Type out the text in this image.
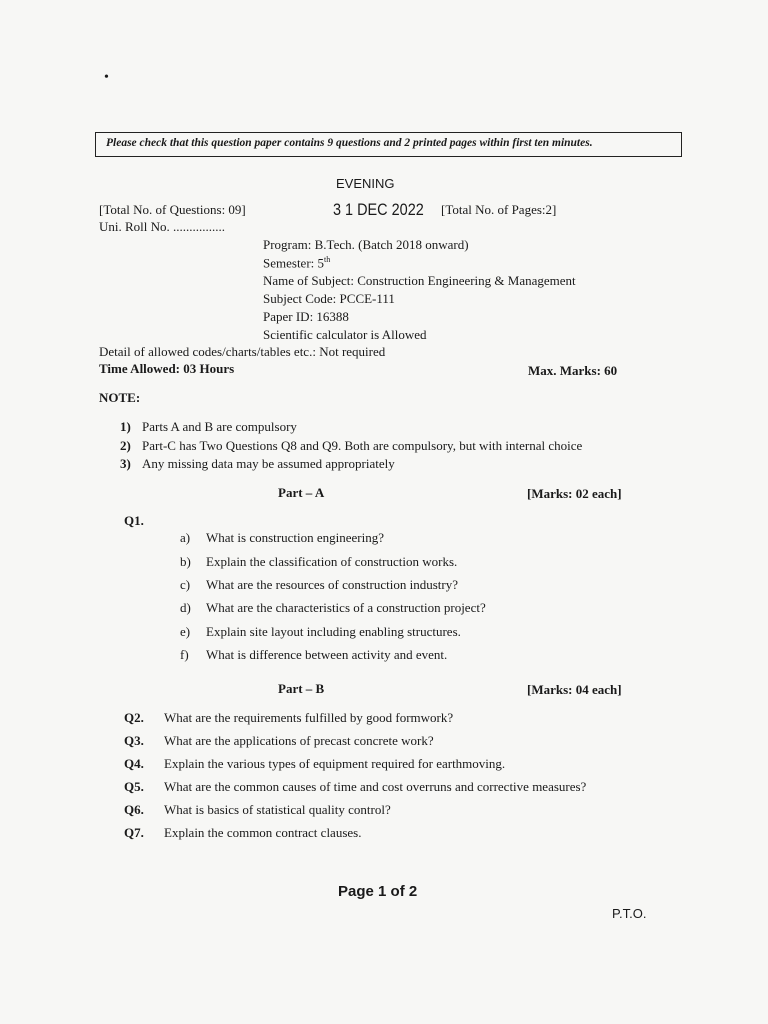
•
Please check that this question paper contains 9 questions and 2 printed pages within first ten minutes.
EVENING
[Total No. of Questions: 09]	3 1 DEC 2022 [Total No. of Pages:2]
Uni. Roll No. ................
Program: B.Tech. (Batch 2018 onward)
Semester: 5th
Name of Subject: Construction Engineering & Management
Subject Code: PCCE-111
Paper ID: 16388
Scientific calculator is Allowed
Detail of allowed codes/charts/tables etc.: Not required
Time Allowed: 03 Hours	Max. Marks: 60
NOTE:
1) Parts A and B are compulsory
2) Part-C has Two Questions Q8 and Q9. Both are compulsory, but with internal choice
3) Any missing data may be assumed appropriately
Part – A	[Marks: 02 each]
Q1.
a) What is construction engineering?
b) Explain the classification of construction works.
c) What are the resources of construction industry?
d) What are the characteristics of a construction project?
e) Explain site layout including enabling structures.
f) What is difference between activity and event.
Part – B	[Marks: 04 each]
Q2. What are the requirements fulfilled by good formwork?
Q3. What are the applications of precast concrete work?
Q4. Explain the various types of equipment required for earthmoving.
Q5. What are the common causes of time and cost overruns and corrective measures?
Q6. What is basics of statistical quality control?
Q7. Explain the common contract clauses.
Page 1 of 2
P.T.O.
